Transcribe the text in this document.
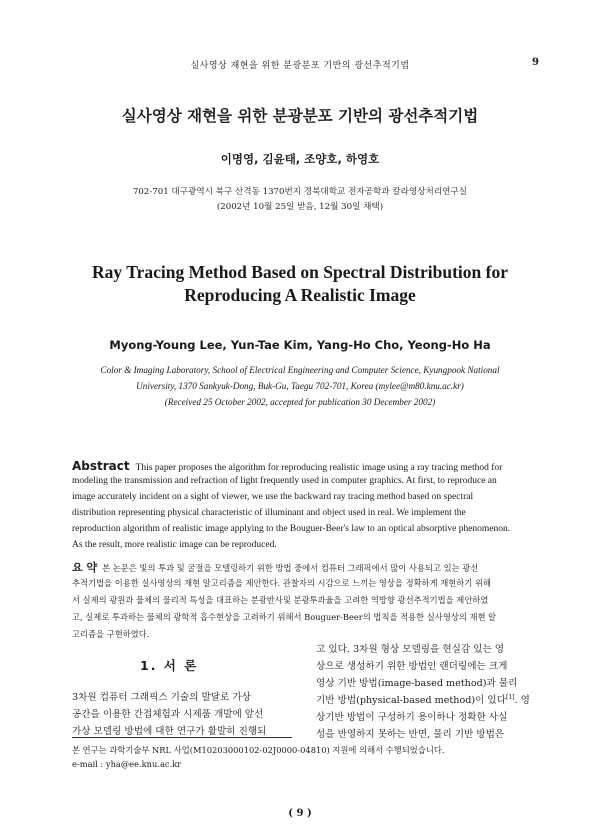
실사영상 재현을 위한 분광분포 기반의 광선추적기법	9
실사영상 재현을 위한 분광분포 기반의 광선추적기법
이명영, 김윤태, 조양호, 하영호
702-701 대구광역시 북구 산격동 1370번지 경북대학교 전자공학과 칼라영상처리연구실
(2002년 10월 25일 받음, 12월 30일 채택)
Ray Tracing Method Based on Spectral Distribution for
Reproducing A Realistic Image
Myong-Young Lee, Yun-Tae Kim, Yang-Ho Cho, Yeong-Ho Ha
Color & Imaging Laboratory, School of Electrical Engineering and Computer Science, Kyungpook National
University, 1370 Sankyuk-Dong, Buk-Gu, Taegu 702-701, Korea (mylee@m80.knu.ac.kr)
(Received 25 October 2002, accepted for publication 30 December 2002)
Abstract This paper proposes the algorithm for reproducing realistic image using a ray tracing method for
modeling the transmission and refraction of light frequently used in computer graphics. At first, to reproduce an
image accurately incident on a sight of viewer, we use the backward ray tracing method based on spectral
distribution representing physical characteristic of illuminant and object used in real. We implement the
reproduction algorithm of realistic image applying to the Bouguer-Beer's law to an optical absorptive phenomenon.
As the result, more realistic image can be reproduced.
요 약 본 논문은 빛의 투과 및 굴절을 모델링하기 위한 방법 중에서 컴퓨터 그래픽에서 많이 사용되고 있는 광선
추적기법을 이용한 실사영상의 재현 알고리즘을 제안한다. 관찰자의 시감으로 느끼는 영상을 정확하게 재현하기 위해
서 실제의 광원과 물체의 물리적 특성을 대표하는 분광반사및 분광투과율을 고려한 역방향 광선추적기법을 제안하였
고, 실제로 투과하는 물체의 광학적 흡수현상을 고려하기 위해서 Bouguer-Beer의 법칙을 적용한 실사영상의 재현 알
고리즘을 구현하였다.
1. 서 론
3차원 컴퓨터 그래픽스 기술의 발달로 가상
공간을 이용한 간접체험과 시제품 개발에 앞선
가상 모델링 방법에 대한 연구가 활발히 진행되
고 있다. 3차원 형상 모델링을 현실감 있는 영
상으로 생성하기 위한 방법인 랜더링에는 크게
영상 기반 방법(image-based method)과 물리
기반 방법(physical-based method)이 있다[1]. 영
상기반 방법이 구성하기 용이하나 정확한 사실
성을 반영하지 못하는 반면, 물리 기반 방법은
본 연구는 과학기술부 NRL 사업(M10203000102-02J0000-04810) 지원에 의해서 수행되었습니다.
e-mail : yha@ee.knu.ac.kr
( 9 )
